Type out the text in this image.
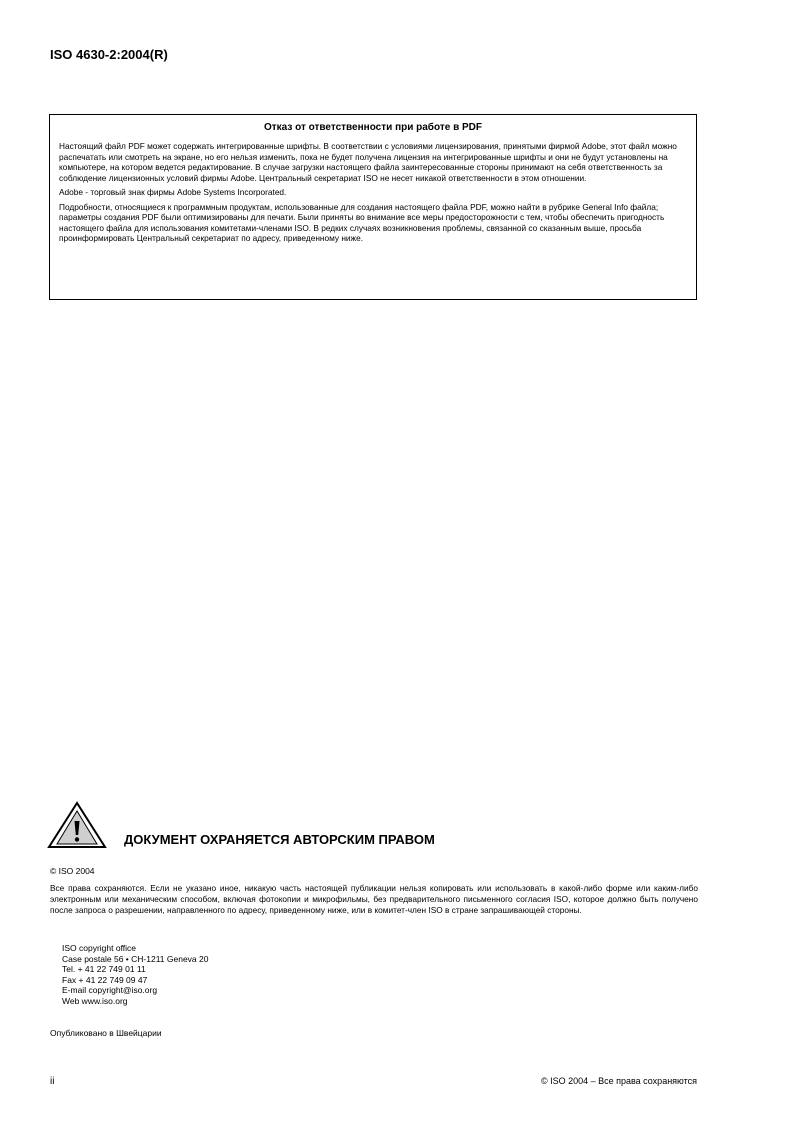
ISO 4630-2:2004(R)
Отказ от ответственности при работе в PDF

Настоящий файл PDF может содержать интегрированные шрифты. В соответствии с условиями лицензирования, принятыми фирмой Adobe, этот файл можно распечатать или смотреть на экране, но его нельзя изменить, пока не будет получена лицензия на интегрированные шрифты и они не будут установлены на компьютере, на котором ведется редактирование. В случае загрузки настоящего файла заинтересованные стороны принимают на себя ответственность за соблюдение лицензионных условий фирмы Adobe. Центральный секретариат ISO не несет никакой ответственности в этом отношении.

Adobe - торговый знак фирмы Adobe Systems Incorporated.

Подробности, относящиеся к программным продуктам, использованные для создания настоящего файла PDF, можно найти в рубрике General Info файла; параметры создания PDF были оптимизированы для печати. Были приняты во внимание все меры предосторожности с тем, чтобы обеспечить пригодность настоящего файла для использования комитетами-членами ISO. В редких случаях возникновения проблемы, связанной со сказанным выше, просьба проинформировать Центральный секретариат по адресу, приведенному ниже.

ДОКУМЕНТ ОХРАНЯЕТСЯ АВТОРСКИМ ПРАВОМ
© ISO 2004

Все права сохраняются. Если не указано иное, никакую часть настоящей публикации нельзя копировать или использовать в какой-либо форме или каким-либо электронным или механическим способом, включая фотокопии и микрофильмы, без предварительного письменного согласия ISO, которое должно быть получено после запроса о разрешении, направленного по адресу, приведенному ниже, или в комитет-член ISO в стране запрашивающей стороны.

ISO copyright office
Case postale 56 • CH-1211 Geneva 20
Tel. + 41 22 749 01 11
Fax + 41 22 749 09 47
E-mail copyright@iso.org
Web www.iso.org
Опубликовано в Швейцарии
ii	© ISO 2004 – Все права сохраняются
